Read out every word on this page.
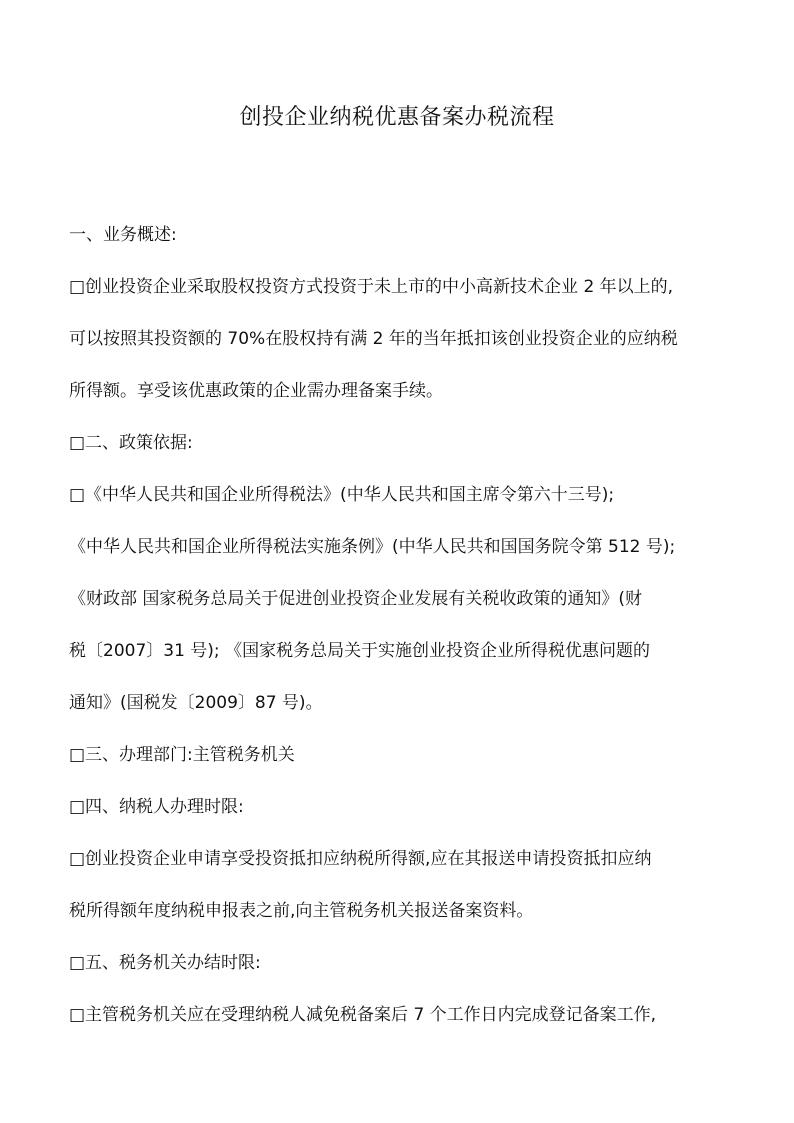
创投企业纳税优惠备案办税流程
一、业务概述:
□创业投资企业采取股权投资方式投资于未上市的中小高新技术企业 2 年以上的,
可以按照其投资额的 70%在股权持有满 2 年的当年抵扣该创业投资企业的应纳税
所得额。享受该优惠政策的企业需办理备案手续。
□二、政策依据:
□《中华人民共和国企业所得税法》(中华人民共和国主席令第六十三号);
《中华人民共和国企业所得税法实施条例》(中华人民共和国国务院令第 512 号);
《财政部 国家税务总局关于促进创业投资企业发展有关税收政策的通知》(财
税〔2007〕31 号); 《国家税务总局关于实施创业投资企业所得税优惠问题的
通知》(国税发〔2009〕87 号)。
□三、办理部门:主管税务机关
□四、纳税人办理时限:
□创业投资企业申请享受投资抵扣应纳税所得额,应在其报送申请投资抵扣应纳
税所得额年度纳税申报表之前,向主管税务机关报送备案资料。
□五、税务机关办结时限:
□主管税务机关应在受理纳税人减免税备案后 7 个工作日内完成登记备案工作,
